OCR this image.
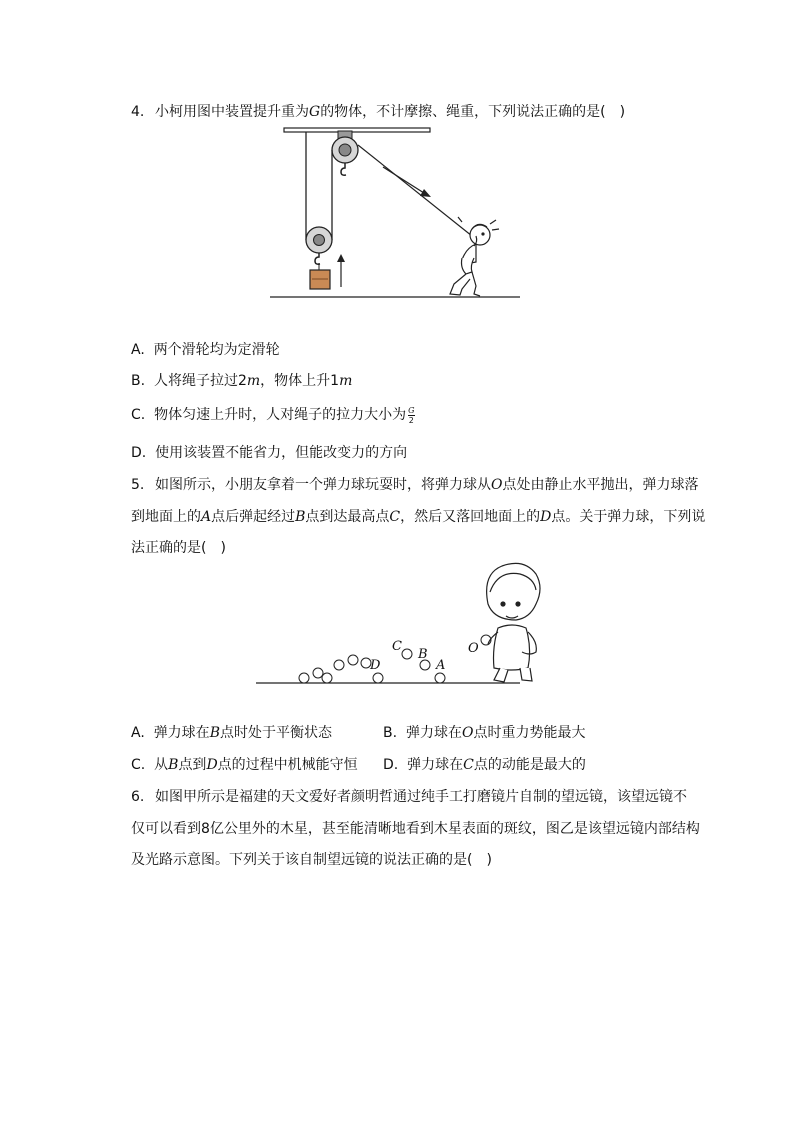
4. 小柯用图中装置提升重为G的物体，不计摩擦、绳重，下列说法正确的是(　)
A. 两个滑轮均为定滑轮
B. 人将绳子拉过2m，物体上升1m
C. 物体匀速上升时，人对绳子的拉力大小为 $\frac{G}{2}$
D. 使用该装置不能省力，但能改变力的方向
5. 如图所示，小朋友拿着一个弹力球玩耍时，将弹力球从O点处由静止水平抛出，弹力球落
到地面上的A点后弹起经过B点到达最高点C，然后又落回地面上的D点。关于弹力球，下列说
法正确的是(　)
O
C
B
D	A
A. 弹力球在B点时处于平衡状态	B. 弹力球在O点时重力势能最大
C. 从B点到D点的过程中机械能守恒 D. 弹力球在C点的动能是最大的
6. 如图甲所示是福建的天文爱好者颜明哲通过纯手工打磨镜片自制的望远镜，该望远镜不
仅可以看到8亿公里外的木星，甚至能清晰地看到木星表面的斑纹，图乙是该望远镜内部结构
及光路示意图。下列关于该自制望远镜的说法正确的是(　)
